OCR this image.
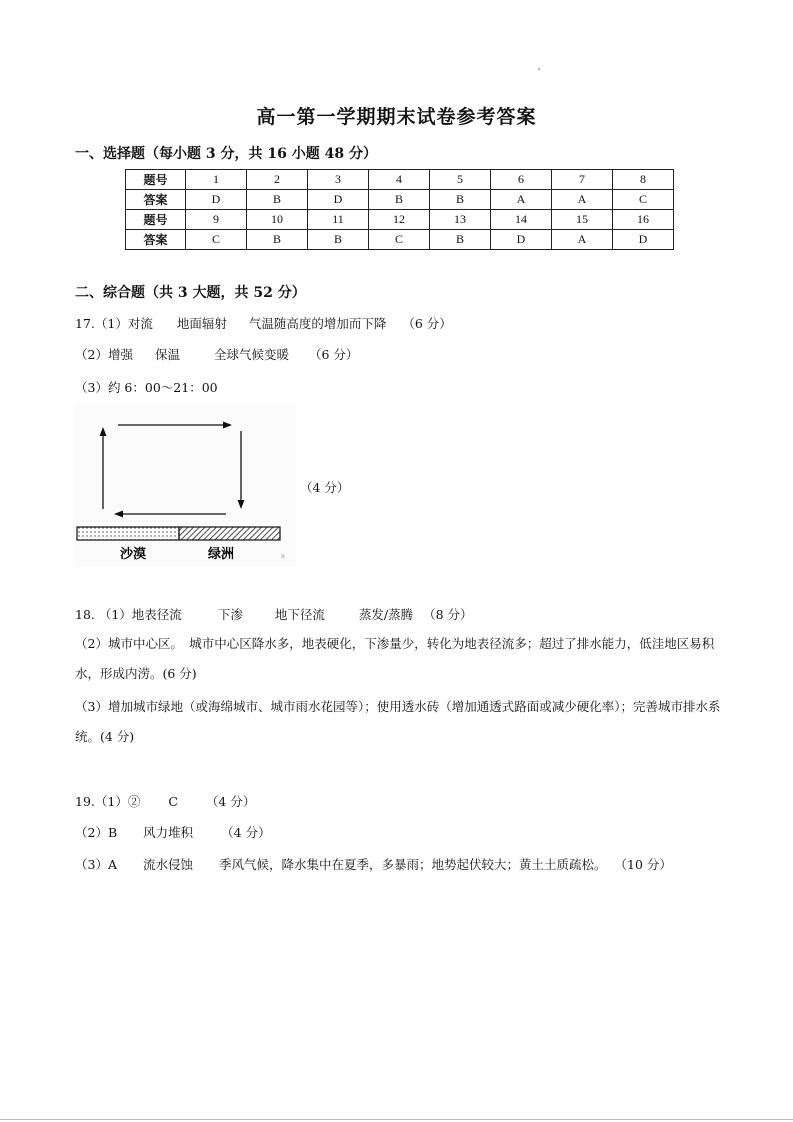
高一第一学期期末试卷参考答案
一、选择题（每小题 3 分，共 16 小题 48 分）
题号	1	2	3	4	5	6	7	8
答案	D	B	D	B	B	A	A	C
题号	9	10	11	12	13	14	15	16
答案	C	B	B	C	B	D	A	D
二、综合题（共 3 大题，共 52 分）
17.（1）对流 地面辐射 气温随高度的增加而下降 （6 分）
（2）增强 保温	全球气候变暖 （6 分）
（3）约 6：00～21：00
沙漠	绿洲	✕
（4 分）
18. （1）地表径流	下渗	地下径流	蒸发/蒸腾 （8 分）
（2）城市中心区。　城市中心区降水多，地表硬化，下渗量少，转化为地表径流多；超过了排水能力，低洼地区易积水，形成内涝。(6 分)
（3）增加城市绿地（或海绵城市、城市雨水花园等）；使用透水砖（增加通透式路面或减少硬化率）；完善城市排水系统。(4 分)
19.（1）② C （4 分）
（2）B 风力堆积 （4 分）
（3）A 流水侵蚀 季风气候，降水集中在夏季，多暴雨；地势起伏较大；黄土土质疏松。 （10 分）
